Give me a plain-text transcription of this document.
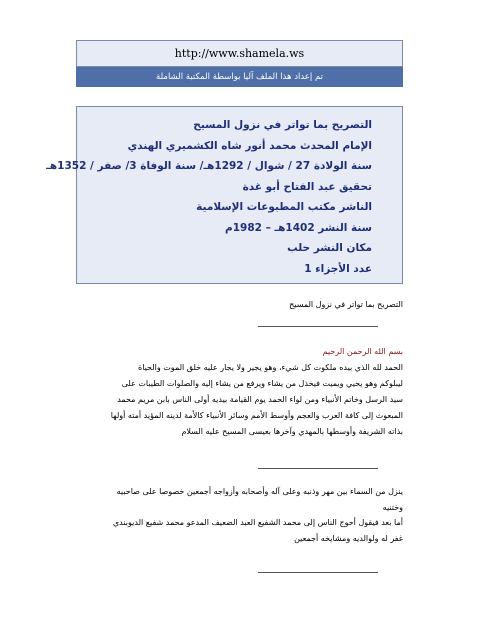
http://www.shamela.ws
تم إعداد هذا الملف آليا بواسطة المكتبة الشاملة
التصريح بما تواتر في نزول المسيح
الإمام المحدث محمد أنور شاه الكشميري الهندي
سنة الولادة 27 / شوال / 1292هـ/ سنة الوفاة 3/ صفر / 1352هـ
تحقيق عبد الفتاح أبو غدة
الناشر مكتب المطبوعات الإسلامية
سنة النشر 1402هـ – 1982م
مكان النشر حلب
عدد الأجزاء 1
التصريح بما تواتر في نزول المسيح
بسم الله الرحمن الرحيم
الحمد لله الذي بيده ملكوت كل شيء، وهو يجير ولا يجار عليه خلق الموت والحياة
ليبلوكم وهو يحيي ويميت فيخذل من يشاء ويرفع من يشاء إليه والصلوات الطيبات على
سيد الرسل وخاتم الأنبياء ومن لواء الحمد يوم القيامة بيديه أولى الناس بابن مريم محمد
المبعوث إلى كافة العرب والعجم وأوسط الأمم وسائر الأنبياء كالأمة لدينه المؤيد أمته أولها
بذاته الشريفة وأوسطها بالمهدي وآخرها بعيسى المسيح عليه السلام
ينزل من السماء بين مهر وذنبه وعلى آله وأصحابه وأزواجه أجمعين خصوصا على صاحبيه
وختنيه
أما بعد فيقول أحوج الناس إلى محمد الشفيع العبد الضعيف المدعو محمد شفيع الديوبندي
غفر له ولوالديه ومشايخه أجمعين
